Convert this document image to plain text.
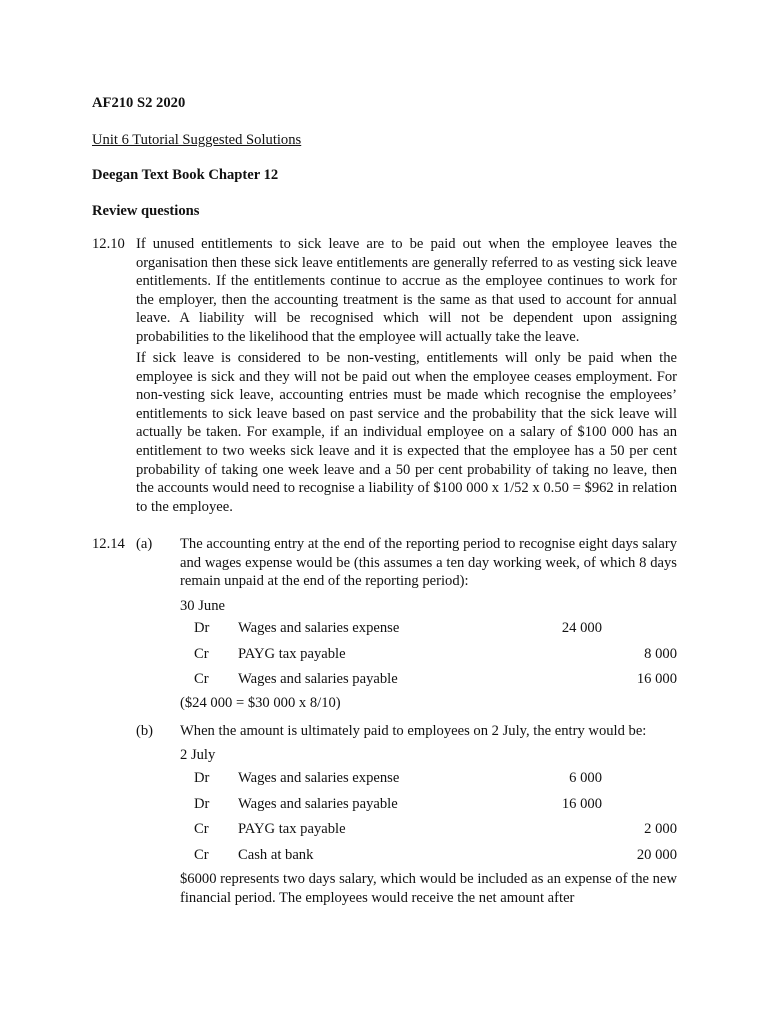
AF210 S2 2020
Unit 6 Tutorial Suggested Solutions
Deegan Text Book Chapter 12
Review questions
12.10 If unused entitlements to sick leave are to be paid out when the employee leaves the organisation then these sick leave entitlements are generally referred to as vesting sick leave entitlements. If the entitlements continue to accrue as the employee continues to work for the employer, then the accounting treatment is the same as that used to account for annual leave. A liability will be recognised which will not be dependent upon assigning probabilities to the likelihood that the employee will actually take the leave.
If sick leave is considered to be non-vesting, entitlements will only be paid when the employee is sick and they will not be paid out when the employee ceases employment. For non-vesting sick leave, accounting entries must be made which recognise the employees’ entitlements to sick leave based on past service and the probability that the sick leave will actually be taken. For example, if an individual employee on a salary of $100 000 has an entitlement to two weeks sick leave and it is expected that the employee has a 50 per cent probability of taking one week leave and a 50 per cent probability of taking no leave, then the accounts would need to recognise a liability of $100 000 x 1/52 x 0.50 = $962 in relation to the employee.
12.14 (a) The accounting entry at the end of the reporting period to recognise eight days salary and wages expense would be (this assumes a ten day working week, of which 8 days remain unpaid at the end of the reporting period):
30 June
Dr Wages and salaries expense	24 000
Cr PAYG tax payable	8 000
Cr Wages and salaries payable	16 000
($24 000 = $30 000 x 8/10)
(b) When the amount is ultimately paid to employees on 2 July, the entry would be:
2 July
Dr Wages and salaries expense	6 000
Dr Wages and salaries payable	16 000
Cr PAYG tax payable	2 000
Cr Cash at bank	20 000
$6000 represents two days salary, which would be included as an expense of the new financial period. The employees would receive the net amount after
